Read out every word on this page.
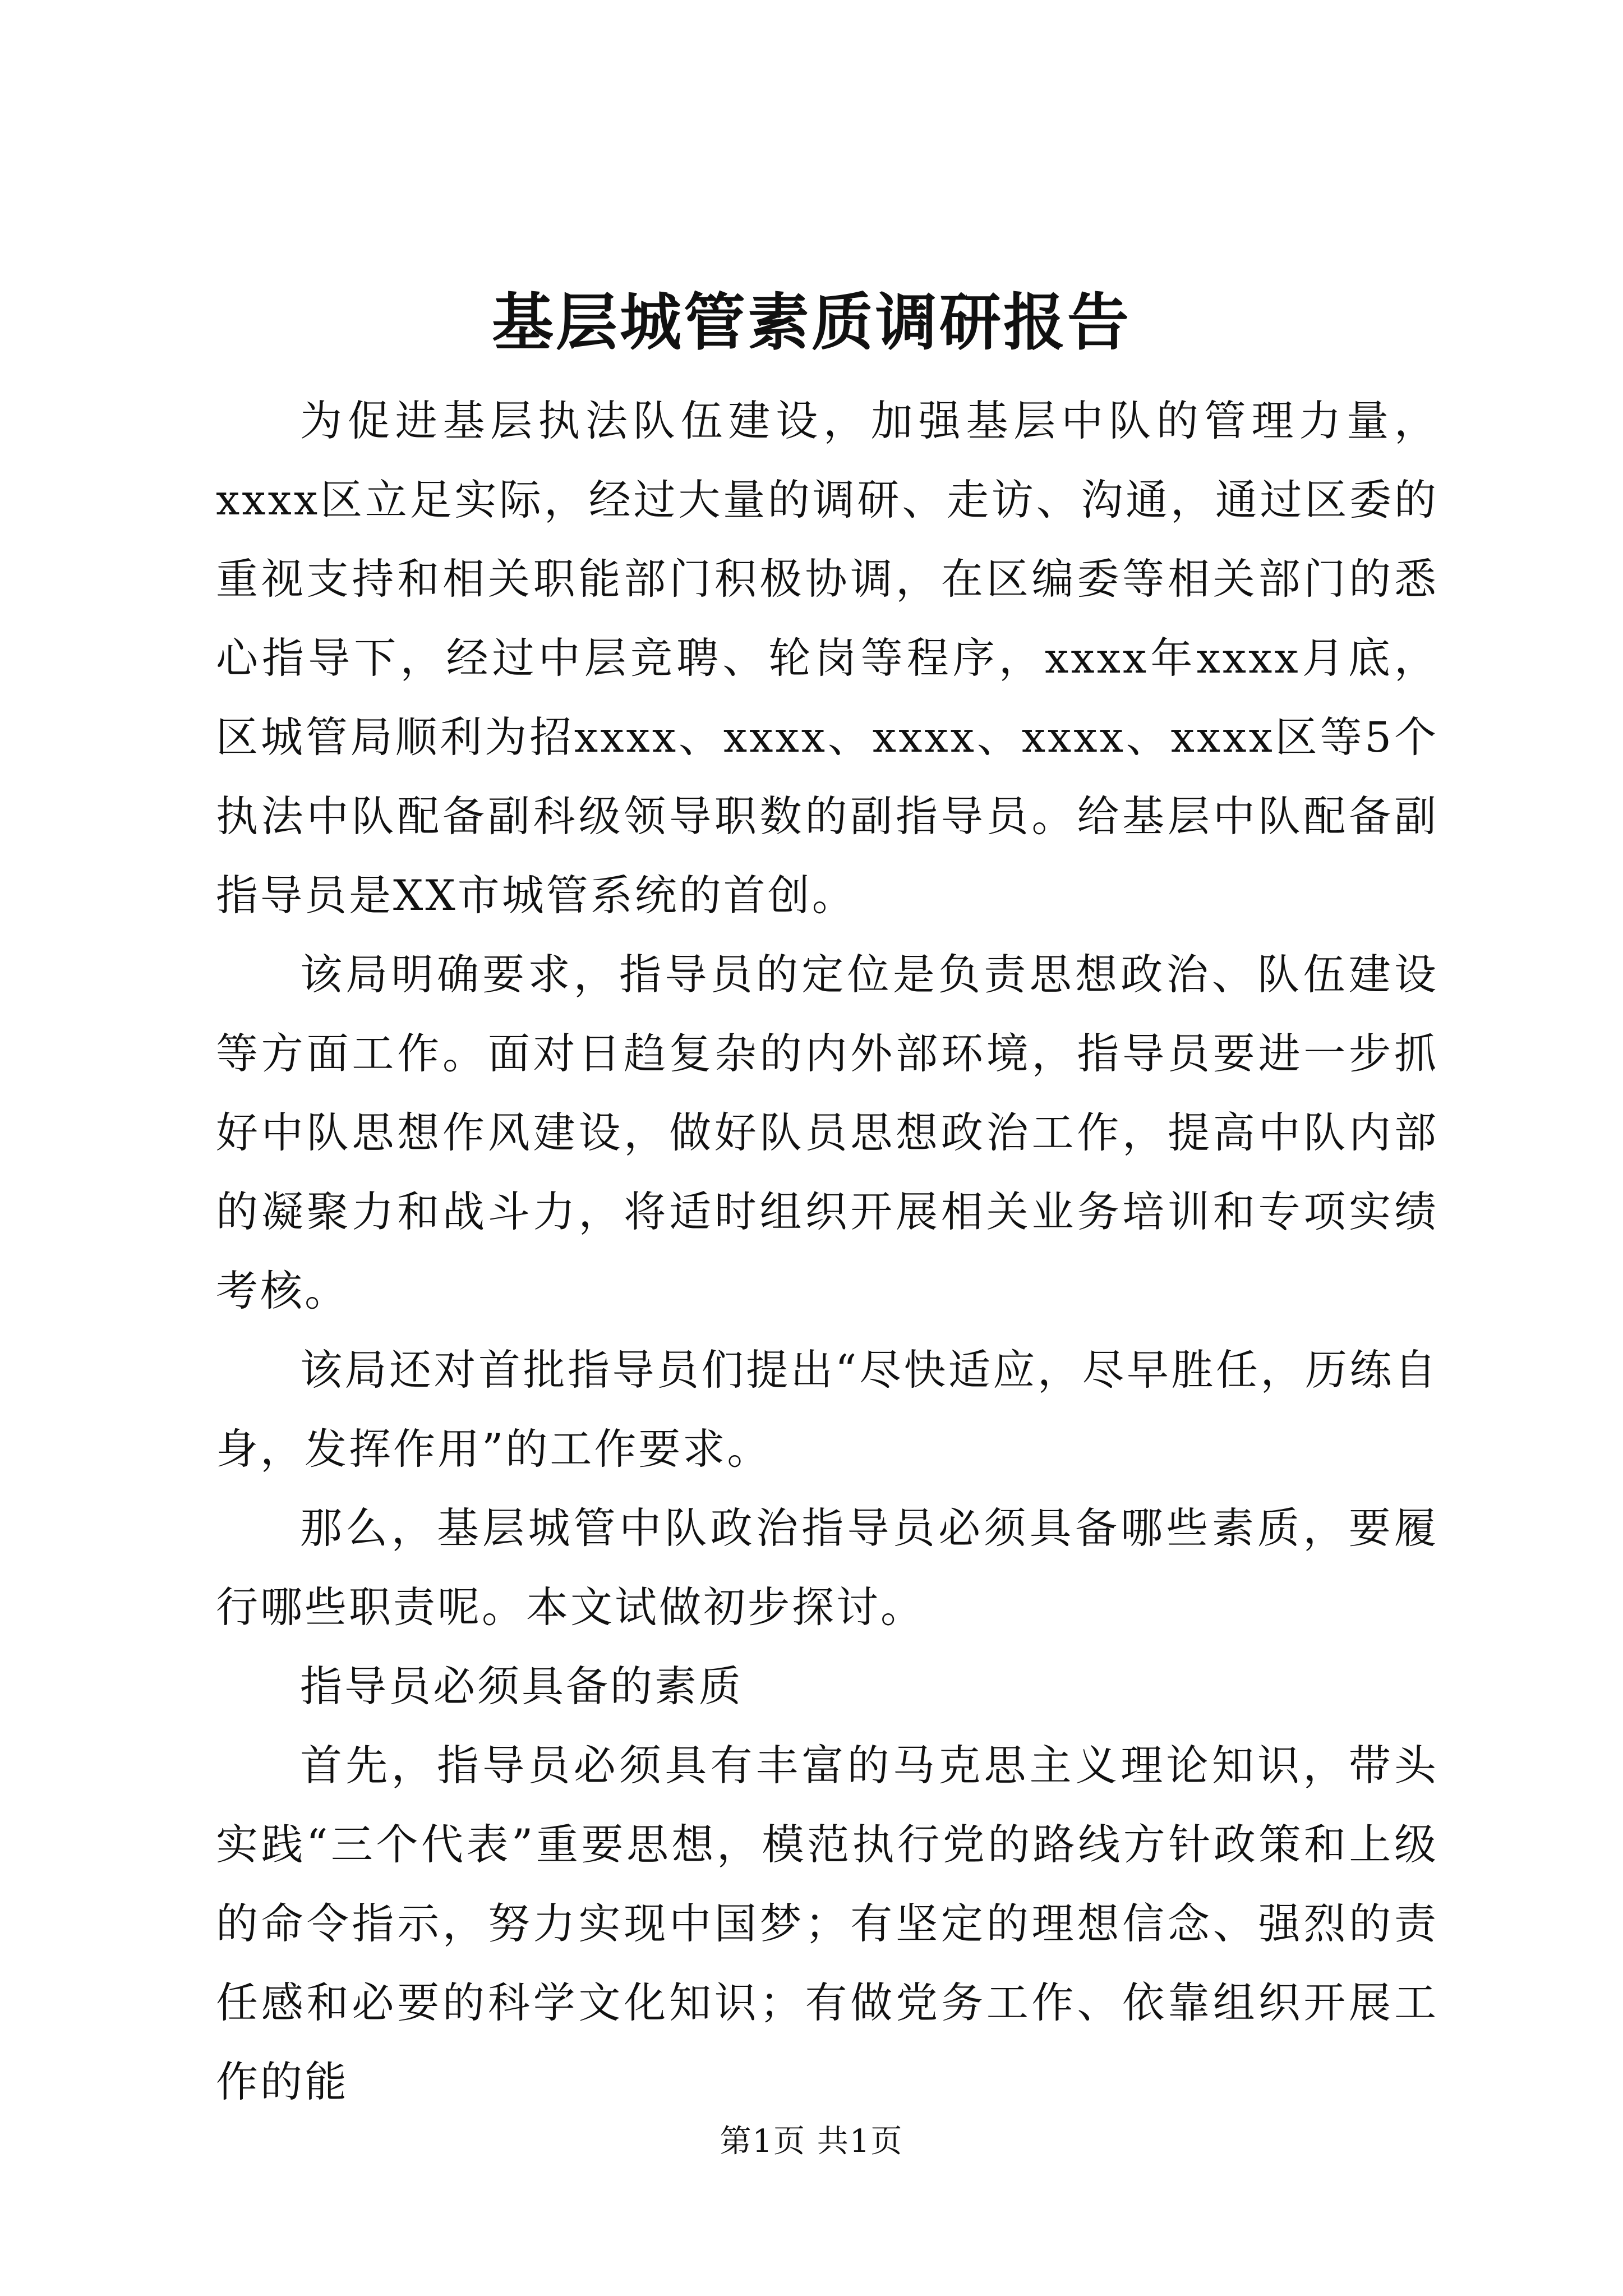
基层城管素质调研报告

为促进基层执法队伍建设，加强基层中队的管理力量，xxxx区立足实际，经过大量的调研、走访、沟通，通过区委的重视支持和相关职能部门积极协调，在区编委等相关部门的悉心指导下，经过中层竞聘、轮岗等程序，xxxx年xxxx月底，区城管局顺利为招xxxx、xxxx、xxxx、xxxx、xxxx区等5个执法中队配备副科级领导职数的副指导员。给基层中队配备副指导员是XX市城管系统的首创。

该局明确要求，指导员的定位是负责思想政治、队伍建设等方面工作。面对日趋复杂的内外部环境，指导员要进一步抓好中队思想作风建设，做好队员思想政治工作，提高中队内部的凝聚力和战斗力，将适时组织开展相关业务培训和专项实绩考核。

该局还对首批指导员们提出“尽快适应，尽早胜任，历练自身，发挥作用”的工作要求。

那么，基层城管中队政治指导员必须具备哪些素质，要履行哪些职责呢。本文试做初步探讨。

指导员必须具备的素质

首先，指导员必须具有丰富的马克思主义理论知识，带头实践“三个代表”重要思想，模范执行党的路线方针政策和上级的命令指示，努力实现中国梦；有坚定的理想信念、强烈的责任感和必要的科学文化知识；有做党务工作、依靠组织开展工作的能

第1页 共1页
